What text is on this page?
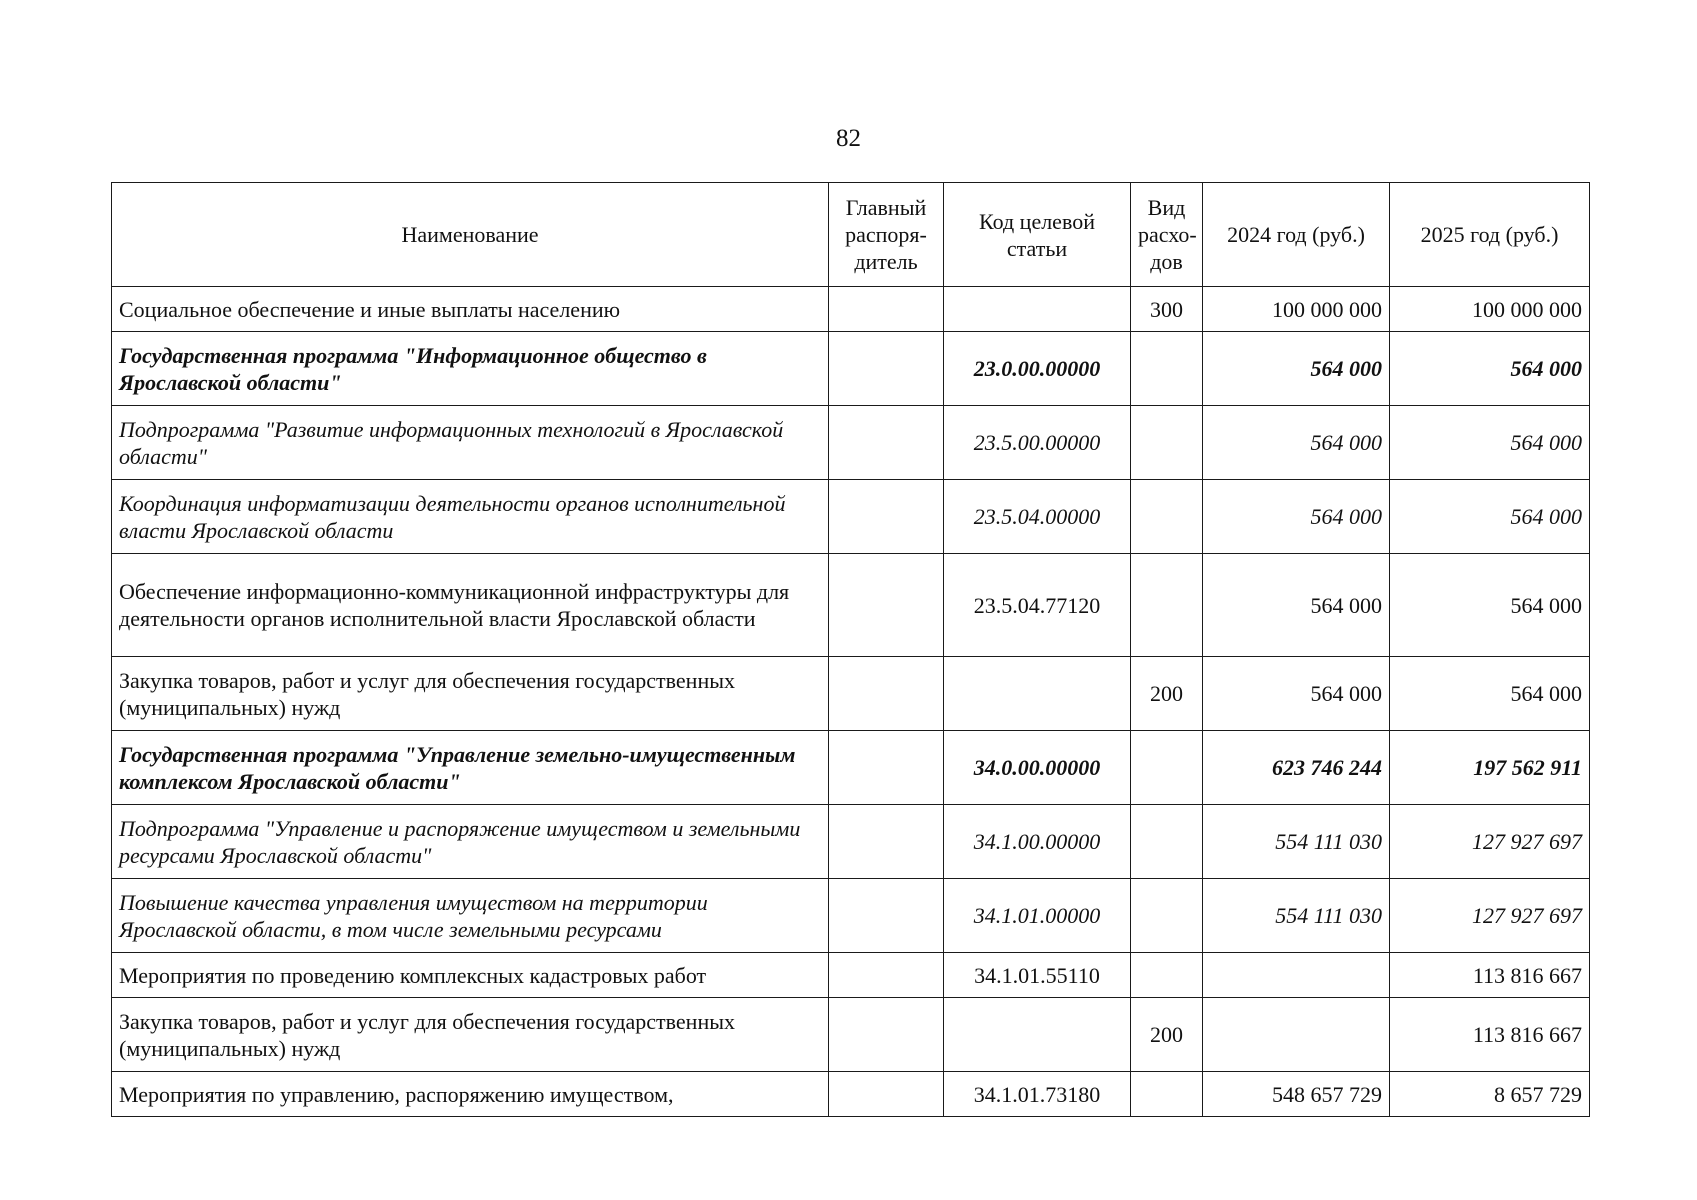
82
Наименование	Главный распоря-дитель	Код целевой статьи	Вид расхо-дов	2024 год (руб.)	2025 год (руб.)
Социальное обеспечение и иные выплаты населению			300	100 000 000	100 000 000
Государственная программа "Информационное общество в Ярославской области"		23.0.00.00000		564 000	564 000
Подпрограмма "Развитие информационных технологий в Ярославской области"		23.5.00.00000		564 000	564 000
Координация информатизации деятельности органов исполнительной власти Ярославской области		23.5.04.00000		564 000	564 000
Обеспечение информационно-коммуникационной инфраструктуры для деятельности органов исполнительной власти Ярославской области		23.5.04.77120		564 000	564 000
Закупка товаров, работ и услуг для обеспечения государственных (муниципальных) нужд			200	564 000	564 000
Государственная программа "Управление земельно-имущественным комплексом Ярославской области"		34.0.00.00000		623 746 244	197 562 911
Подпрограмма "Управление и распоряжение имуществом и земельными ресурсами Ярославской области"		34.1.00.00000		554 111 030	127 927 697
Повышение качества управления имуществом на территории Ярославской области, в том числе земельными ресурсами		34.1.01.00000		554 111 030	127 927 697
Мероприятия по проведению комплексных кадастровых работ		34.1.01.55110			113 816 667
Закупка товаров, работ и услуг для обеспечения государственных (муниципальных) нужд			200		113 816 667
Мероприятия по управлению, распоряжению имуществом,		34.1.01.73180		548 657 729	8 657 729
